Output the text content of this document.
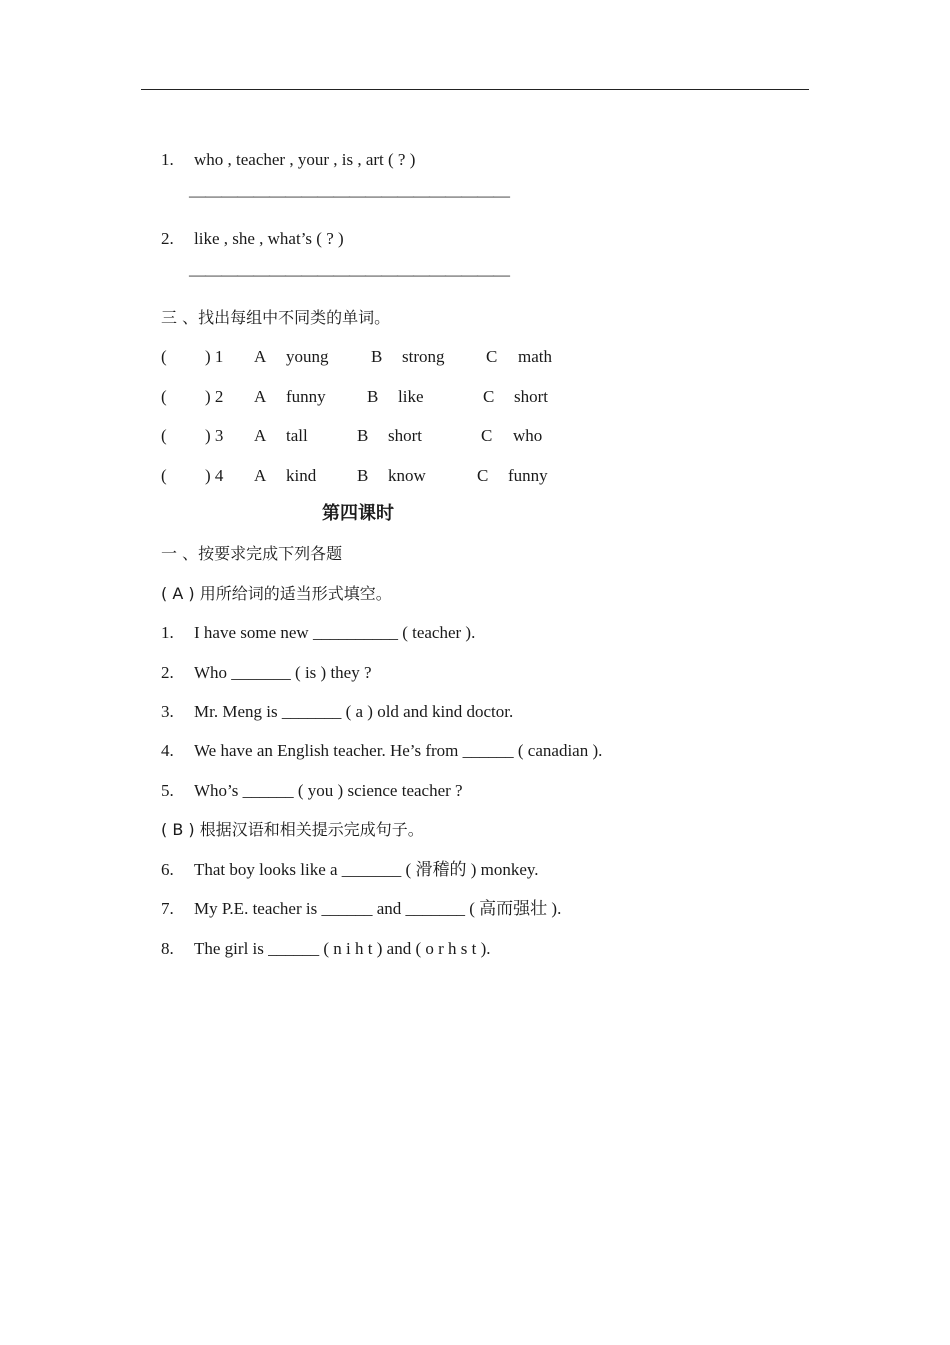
1. who , teacher , your , is , art ( ? )
————————————————————
2. like , she , what’s ( ? )
————————————————————
三 、找出每组中不同类的单词。
( ) 1 A young	B strong C math
( ) 2 A funny B like	C short
( ) 3 A tall	B short	C who
( ) 4 A kind B know	C funny
第四课时
一 、按要求完成下列各题
( A ) 用所给词的适当形式填空。
1. I have some new __________ ( teacher ).
2. Who _______ ( is ) they ?
3. Mr. Meng is _______ ( a ) old and kind doctor.
4. We have an English teacher. He’s from ______ ( canadian ).
5. Who’s ______ ( you ) science teacher ?
( B ) 根据汉语和相关提示完成句子。
6. That boy looks like a _______ ( 滑稽的 ) monkey.
7. My P.E. teacher is ______ and _______ ( 高而强壮 ).
8. The girl is ______ ( n i h t ) and ( o r h s t ).
